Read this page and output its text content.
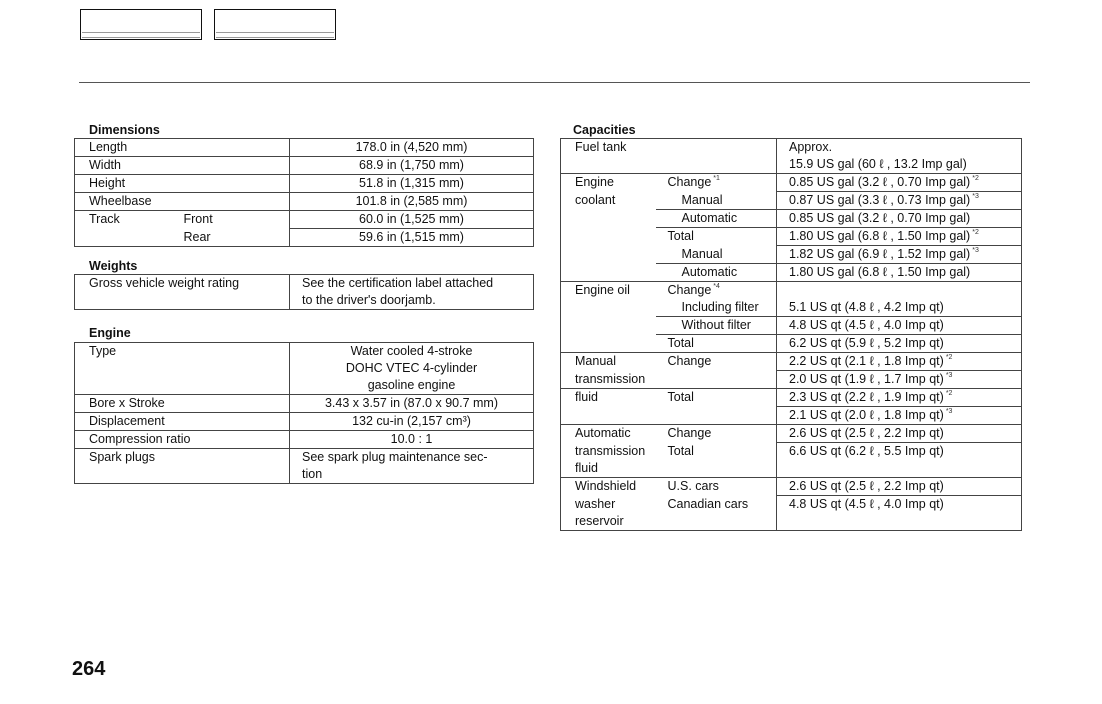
Dimensions
Length		178.0 in (4,520 mm)
Width		68.9 in (1,750 mm)
Height		51.8 in (1,315 mm)
Wheelbase		101.8 in (2,585 mm)
Track	Front	60.0 in (1,525 mm)
	Rear	59.6 in (1,515 mm)
Weights
Gross vehicle weight rating	See the certification label attached
	to the driver's doorjamb.
Engine
Type	Water cooled 4-stroke
	DOHC VTEC 4-cylinder
	gasoline engine
Bore x Stroke	3.43 x 3.57 in (87.0 x 90.7 mm)
Displacement	132 cu-in (2,157 cm³)
Compression ratio	10.0 : 1
Spark plugs	See spark plug maintenance sec-
	tion
Capacities
Fuel tank		Approx.
		15.9 US gal (60 ℓ , 13.2 Imp gal)
Engine	Change $^{*1}$	0.85 US gal (3.2 ℓ , 0.70 Imp gal) $^{*2}$
coolant	Manual	0.87 US gal (3.3 ℓ , 0.73 Imp gal) $^{*3}$
	Automatic	0.85 US gal (3.2 ℓ , 0.70 Imp gal)
	Total	1.80 US gal (6.8 ℓ , 1.50 Imp gal) $^{*2}$
	Manual	1.82 US gal (6.9 ℓ , 1.52 Imp gal) $^{*3}$
	Automatic	1.80 US gal (6.8 ℓ , 1.50 Imp gal)
Engine oil	Change $^{*4}$	
	Including filter	5.1 US qt (4.8 ℓ , 4.2 Imp qt)
	Without filter	4.8 US qt (4.5 ℓ , 4.0 Imp qt)
	Total	6.2 US qt (5.9 ℓ , 5.2 Imp qt)
Manual	Change	2.2 US qt (2.1 ℓ , 1.8 Imp qt) $^{*2}$
transmission		2.0 US qt (1.9 ℓ , 1.7 Imp qt) $^{*3}$
fluid	Total	2.3 US qt (2.2 ℓ , 1.9 Imp qt) $^{*2}$
		2.1 US qt (2.0 ℓ , 1.8 Imp qt) $^{*3}$
Automatic	Change	2.6 US qt (2.5 ℓ , 2.2 Imp qt)
transmission	Total	6.6 US qt (6.2 ℓ , 5.5 Imp qt)
fluid		
Windshield	U.S. cars	2.6 US qt (2.5 ℓ , 2.2 Imp qt)
washer	Canadian cars	4.8 US qt (4.5 ℓ , 4.0 Imp qt)
reservoir		
264
